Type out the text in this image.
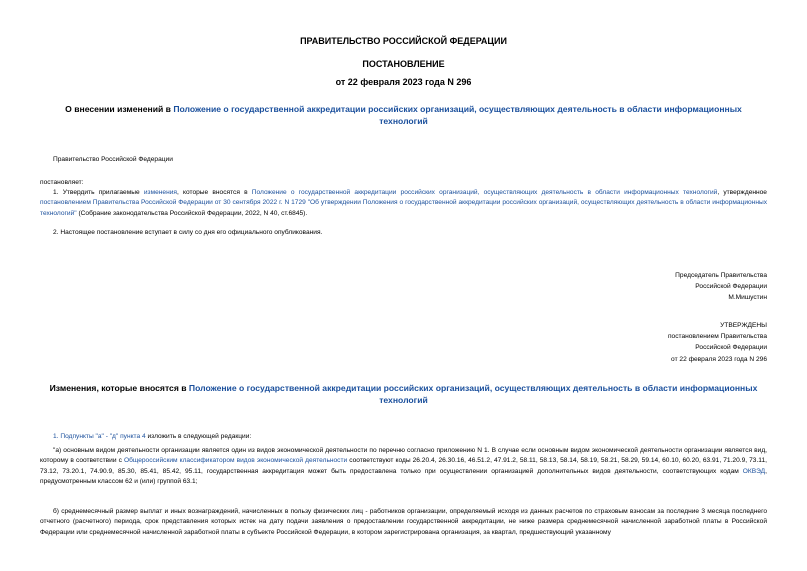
ПРАВИТЕЛЬСТВО РОССИЙСКОЙ ФЕДЕРАЦИИ
ПОСТАНОВЛЕНИЕ
от 22 февраля 2023 года N 296
О внесении изменений в Положение о государственной аккредитации российских организаций, осуществляющих деятельность в области информационных технологий
Правительство Российской Федерации
постановляет:
1. Утвердить прилагаемые изменения, которые вносятся в Положение о государственной аккредитации российских организаций, осуществляющих деятельность в области информационных технологий, утвержденное постановлением Правительства Российской Федерации от 30 сентября 2022 г. N 1729 "Об утверждении Положения о государственной аккредитации российских организаций, осуществляющих деятельность в области информационных технологий" (Собрание законодательства Российской Федерации, 2022, N 40, ст.6845).
2. Настоящее постановление вступает в силу со дня его официального опубликования.
Председатель Правительства
Российской Федерации
М.Мишустин
УТВЕРЖДЕНЫ
постановлением Правительства
Российской Федерации
от 22 февраля 2023 года N 296
Изменения, которые вносятся в Положение о государственной аккредитации российских организаций, осуществляющих деятельность в области информационных технологий
1. Подпункты "а" - "д" пункта 4 изложить в следующей редакции:
"а) основным видом деятельности организации является один из видов экономической деятельности по перечню согласно приложению N 1. В случае если основным видом экономической деятельности организации является вид, которому в соответствии с Общероссийским классификатором видов экономической деятельности соответствуют коды 26.20.4, 26.30.16, 46.51.2, 47.91.2, 58.11, 58.13, 58.14, 58.19, 58.21, 58.29, 59.14, 60.10, 60.20, 63.91, 71.20.9, 73.11, 73.12, 73.20.1, 74.90.9, 85.30, 85.41, 85.42, 95.11, государственная аккредитация может быть предоставлена только при осуществлении организацией дополнительных видов деятельности, соответствующих кодам ОКВЭД, предусмотренным классом 62 и (или) группой 63.1;
б) среднемесячный размер выплат и иных вознаграждений, начисленных в пользу физических лиц - работников организации, определяемый исходя из данных расчетов по страховым взносам за последние 3 месяца последнего отчетного (расчетного) периода, срок представления которых истек на дату подачи заявления о предоставлении государственной аккредитации, не ниже размера среднемесячной начисленной заработной платы в Российской Федерации или среднемесячной начисленной заработной платы в субъекте Российской Федерации, в котором зарегистрирована организация, за квартал, предшествующий указанному
